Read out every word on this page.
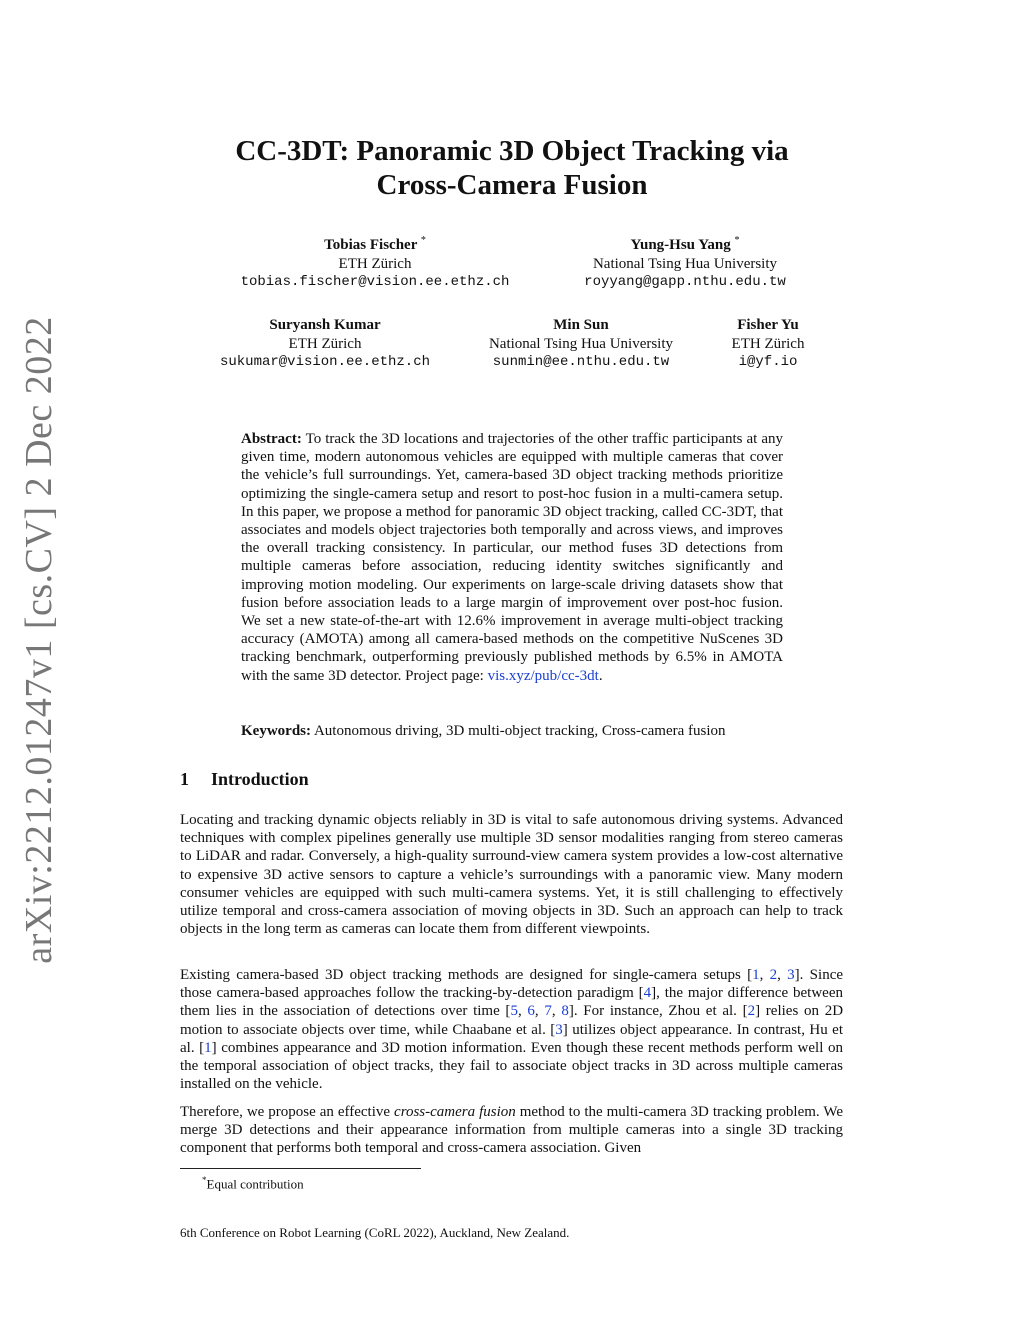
arXiv:2212.01247v1 [cs.CV] 2 Dec 2022
CC-3DT: Panoramic 3D Object Tracking via
Cross-Camera Fusion
Tobias Fischer *
ETH Zürich
tobias.fischer@vision.ee.ethz.ch
Yung-Hsu Yang *
National Tsing Hua University
royyang@gapp.nthu.edu.tw
Suryansh Kumar
ETH Zürich
sukumar@vision.ee.ethz.ch
Min Sun
National Tsing Hua University
sunmin@ee.nthu.edu.tw
Fisher Yu
ETH Zürich
i@yf.io
Abstract: To track the 3D locations and trajectories of the other traffic participants at any given time, modern autonomous vehicles are equipped with multiple cameras that cover the vehicle’s full surroundings. Yet, camera-based 3D object tracking methods prioritize optimizing the single-camera setup and resort to post-hoc fusion in a multi-camera setup. In this paper, we propose a method for panoramic 3D object tracking, called CC-3DT, that associates and models object trajectories both temporally and across views, and improves the overall tracking consistency. In particular, our method fuses 3D detections from multiple cameras before association, reducing identity switches significantly and improving motion modeling. Our experiments on large-scale driving datasets show that fusion before association leads to a large margin of improvement over post-hoc fusion. We set a new state-of-the-art with 12.6% improvement in average multi-object tracking accuracy (AMOTA) among all camera-based methods on the competitive NuScenes 3D tracking benchmark, outperforming previously published methods by 6.5% in AMOTA with the same 3D detector. Project page: vis.xyz/pub/cc-3dt.
Keywords: Autonomous driving, 3D multi-object tracking, Cross-camera fusion
1 Introduction

Locating and tracking dynamic objects reliably in 3D is vital to safe autonomous driving systems. Advanced techniques with complex pipelines generally use multiple 3D sensor modalities ranging from stereo cameras to LiDAR and radar. Conversely, a high-quality surround-view camera system provides a low-cost alternative to expensive 3D active sensors to capture a vehicle’s surroundings with a panoramic view. Many modern consumer vehicles are equipped with such multi-camera systems. Yet, it is still challenging to effectively utilize temporal and cross-camera association of moving objects in 3D. Such an approach can help to track objects in the long term as cameras can locate them from different viewpoints.

Existing camera-based 3D object tracking methods are designed for single-camera setups [1, 2, 3]. Since those camera-based approaches follow the tracking-by-detection paradigm [4], the major difference between them lies in the association of detections over time [5, 6, 7, 8]. For instance, Zhou et al. [2] relies on 2D motion to associate objects over time, while Chaabane et al. [3] utilizes object appearance. In contrast, Hu et al. [1] combines appearance and 3D motion information. Even though these recent methods perform well on the temporal association of object tracks, they fail to associate object tracks in 3D across multiple cameras installed on the vehicle.

Therefore, we propose an effective cross-camera fusion method to the multi-camera 3D tracking problem. We merge 3D detections and their appearance information from multiple cameras into a single 3D tracking component that performs both temporal and cross-camera association. Given

*Equal contribution
6th Conference on Robot Learning (CoRL 2022), Auckland, New Zealand.
